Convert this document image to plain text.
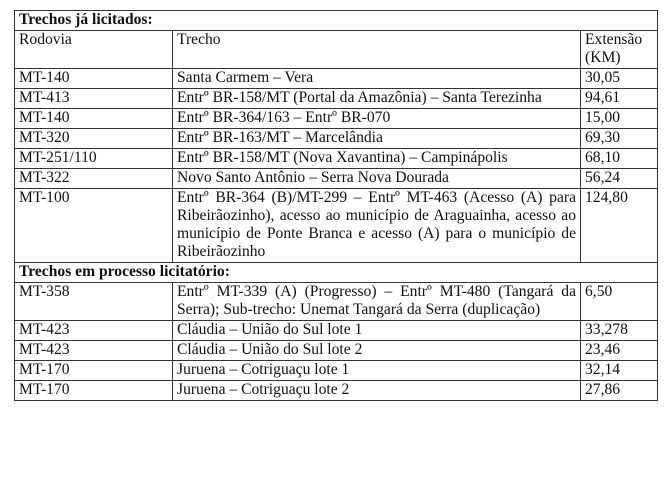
Trechos já licitados:		
Rodovia	Trecho	Extensão (KM)
MT-140	Santa Carmem – Vera	30,05
MT-413	Entrº BR-158/MT (Portal da Amazônia) – Santa Terezinha	94,61
MT-140	Entrº BR-364/163 – Entrº BR-070	15,00
MT-320	Entrº BR-163/MT – Marcelândia	69,30
MT-251/110	Entrº BR-158/MT (Nova Xavantina) – Campinápolis	68,10
MT-322	Novo Santo Antônio – Serra Nova Dourada	56,24
MT-100	Entrº BR-364 (B)/MT-299 – Entrº MT-463 (Acesso (A) para Ribeirãozinho), acesso ao município de Araguainha, acesso ao município de Ponte Branca e acesso (A) para o município de Ribeirãozinho	124,80
Trechos em processo licitatório:		
MT-358	Entrº MT-339 (A) (Progresso) – Entrº MT-480 (Tangará da Serra); Sub-trecho: Unemat Tangará da Serra (duplicação)	6,50
MT-423	Cláudia – União do Sul lote 1	33,278
MT-423	Cláudia – União do Sul lote 2	23,46
MT-170	Juruena – Cotriguaçu lote 1	32,14
MT-170	Juruena – Cotriguaçu lote 2	27,86
